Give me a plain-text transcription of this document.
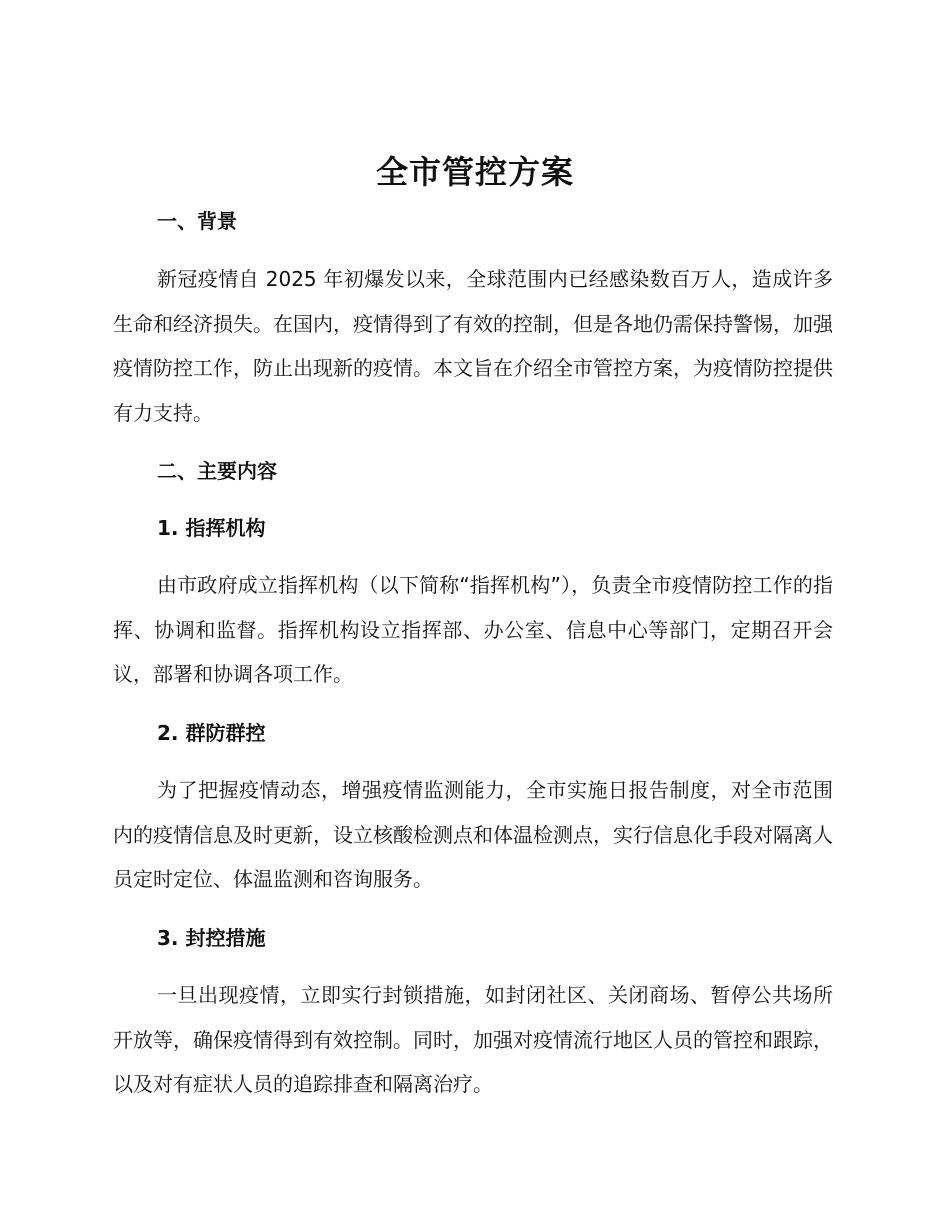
全市管控方案
一、背景

新冠疫情自 2025 年初爆发以来，全球范围内已经感染数百万人，造成许多生命和经济损失。在国内，疫情得到了有效的控制，但是各地仍需保持警惕，加强疫情防控工作，防止出现新的疫情。本文旨在介绍全市管控方案，为疫情防控提供有力支持。

二、主要内容
1. 指挥机构

由市政府成立指挥机构（以下简称“指挥机构”），负责全市疫情防控工作的指挥、协调和监督。指挥机构设立指挥部、办公室、信息中心等部门，定期召开会议，部署和协调各项工作。

2. 群防群控

为了把握疫情动态，增强疫情监测能力，全市实施日报告制度，对全市范围内的疫情信息及时更新，设立核酸检测点和体温检测点，实行信息化手段对隔离人员定时定位、体温监测和咨询服务。

3. 封控措施

一旦出现疫情，立即实行封锁措施，如封闭社区、关闭商场、暂停公共场所开放等，确保疫情得到有效控制。同时，加强对疫情流行地区人员的管控和跟踪，以及对有症状人员的追踪排查和隔离治疗。
